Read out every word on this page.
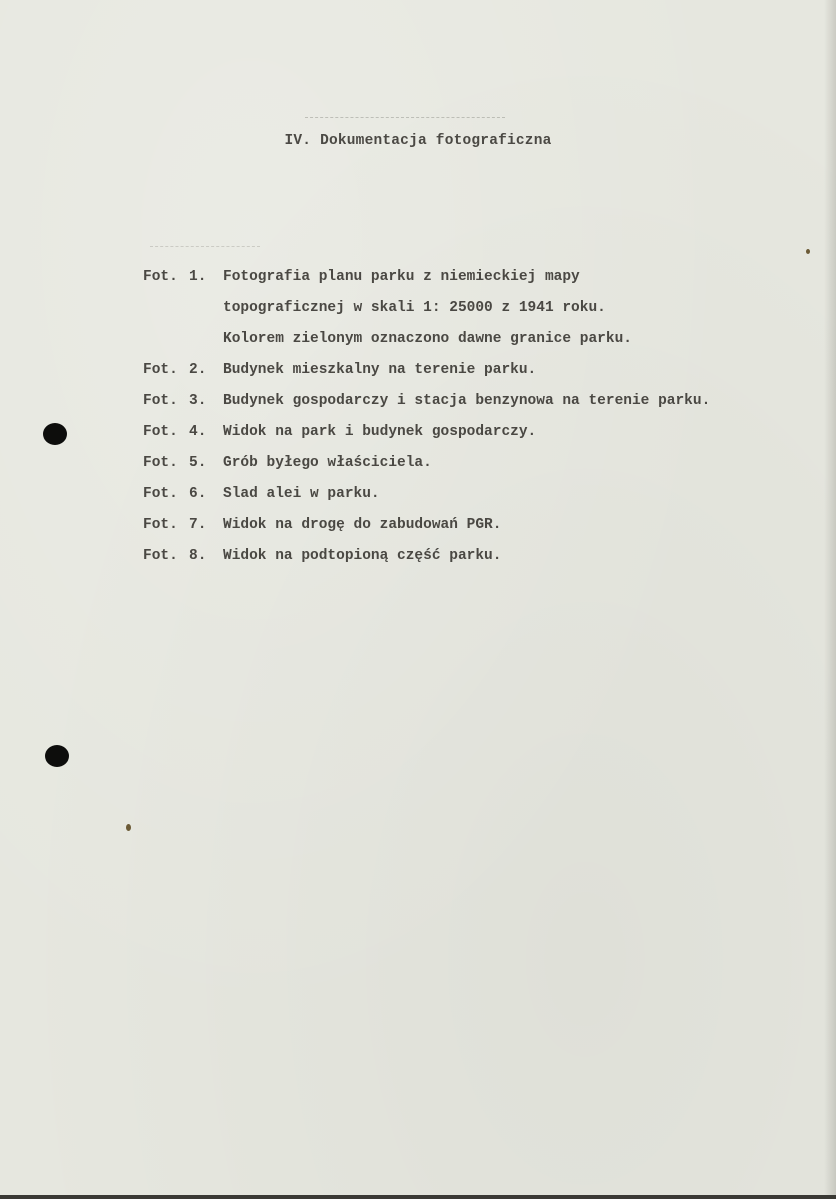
IV. Dokumentacja fotograficzna
Fot. 1.	Fotografia planu parku z niemieckiej mapy
topograficznej w skali 1: 25000 z 1941 roku.
Kolorem zielonym oznaczono dawne granice parku.
Fot. 2.	Budynek mieszkalny na terenie parku.
Fot. 3.	Budynek gospodarczy i stacja benzynowa na terenie parku.
Fot. 4.	Widok na park i budynek gospodarczy.
Fot. 5.	Grób byłego właściciela.
Fot. 6.	Slad alei w parku.
Fot. 7.	Widok na drogę do zabudowań PGR.
Fot. 8.	Widok na podtopioną część parku.
